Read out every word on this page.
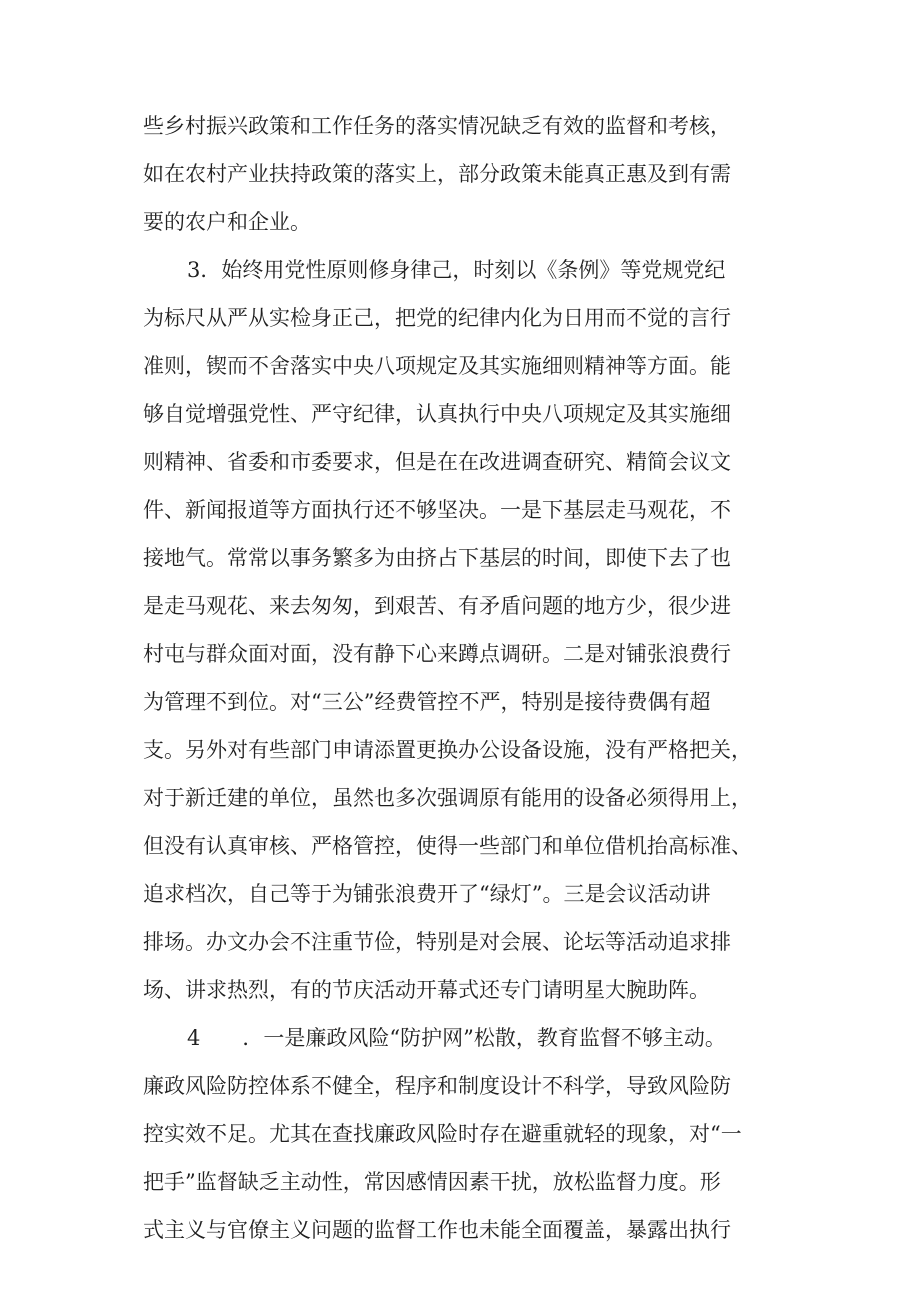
些乡村振兴政策和工作任务的落实情况缺乏有效的监督和考核，
如在农村产业扶持政策的落实上，部分政策未能真正惠及到有需
要的农户和企业。
3．始终用党性原则修身律己，时刻以《条例》等党规党纪
为标尺从严从实检身正己，把党的纪律内化为日用而不觉的言行
准则，锲而不舍落实中央八项规定及其实施细则精神等方面。能
够自觉增强党性、严守纪律，认真执行中央八项规定及其实施细
则精神、省委和市委要求，但是在在改进调查研究、精简会议文
件、新闻报道等方面执行还不够坚决。一是下基层走马观花，不
接地气。常常以事务繁多为由挤占下基层的时间，即使下去了也
是走马观花、来去匆匆，到艰苦、有矛盾问题的地方少，很少进
村屯与群众面对面，没有静下心来蹲点调研。二是对铺张浪费行
为管理不到位。对“三公”经费管控不严，特别是接待费偶有超
支。另外对有些部门申请添置更换办公设备设施，没有严格把关，
对于新迁建的单位，虽然也多次强调原有能用的设备必须得用上，
但没有认真审核、严格管控，使得一些部门和单位借机抬高标准、
追求档次，自己等于为铺张浪费开了“绿灯”。三是会议活动讲
排场。办文办会不注重节俭，特别是对会展、论坛等活动追求排
场、讲求热烈，有的节庆活动开幕式还专门请明星大腕助阵。
4　　．一是廉政风险“防护网”松散，教育监督不够主动。
廉政风险防控体系不健全，程序和制度设计不科学，导致风险防
控实效不足。尤其在查找廉政风险时存在避重就轻的现象，对“一
把手”监督缺乏主动性，常因感情因素干扰，放松监督力度。形
式主义与官僚主义问题的监督工作也未能全面覆盖，暴露出执行
